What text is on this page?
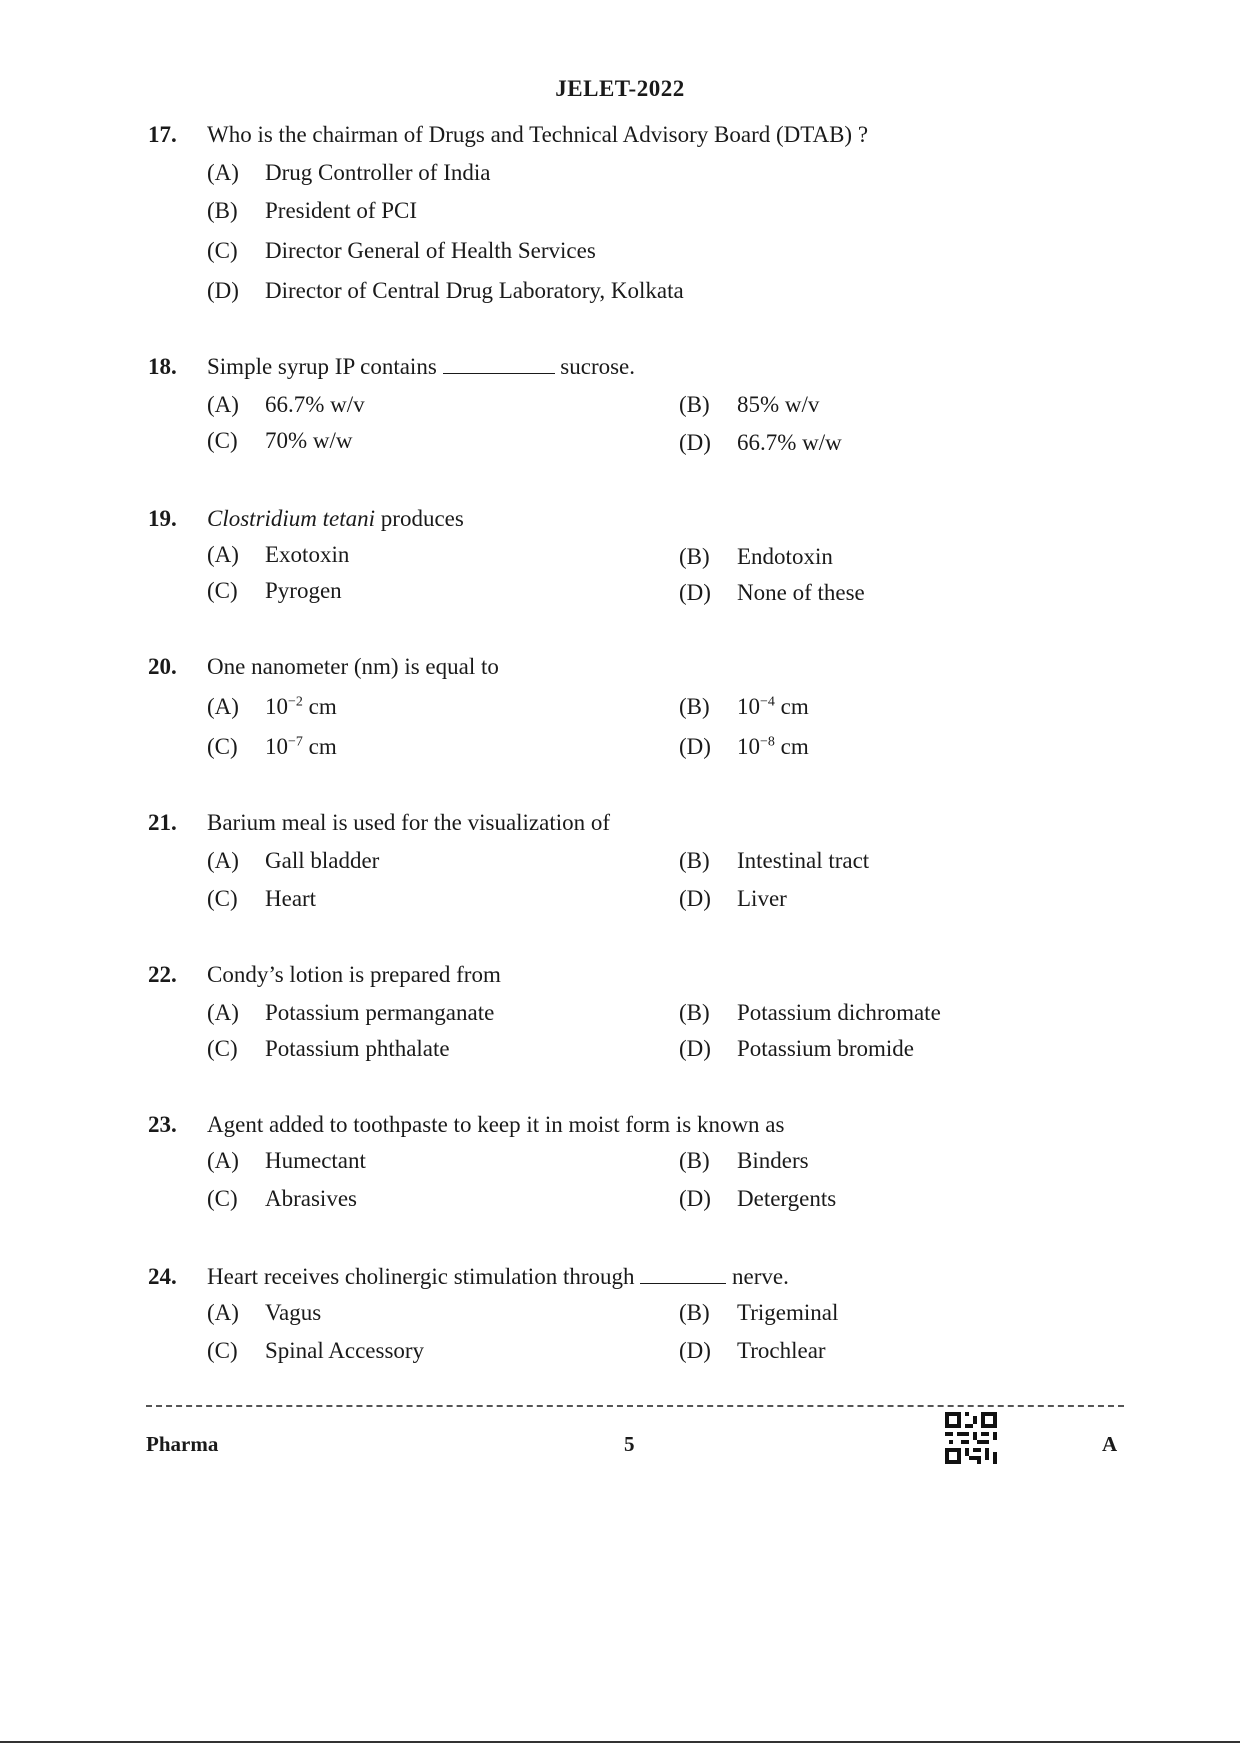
JELET-2022
17. Who is the chairman of Drugs and Technical Advisory Board (DTAB) ?
(A) Drug Controller of India
(B) President of PCI
(C) Director General of Health Services
(D) Director of Central Drug Laboratory, Kolkata
18. Simple syrup IP contains	sucrose.
(A) 66.7% w/v	(B) 85% w/v
(C) 70% w/w	(D) 66.7% w/w
19. Clostridium tetani produces
(A) Exotoxin	(B) Endotoxin
(C) Pyrogen	(D) None of these
20. One nanometer (nm) is equal to
(A) $10^{-2}$ cm	(B) $10^{-4}$ cm
(C) $10^{-7}$ cm	(D) $10^{-8}$ cm
21. Barium meal is used for the visualization of
(A) Gall bladder	(B) Intestinal tract
(C) Heart	(D) Liver
22. Condy’s lotion is prepared from
(A) Potassium permanganate	(B) Potassium dichromate
(C) Potassium phthalate	(D) Potassium bromide
23. Agent added to toothpaste to keep it in moist form is known as
(A) Humectant	(B) Binders
(C) Abrasives	(D) Detergents
24. Heart receives cholinergic stimulation through	nerve.
(A) Vagus	(B) Trigeminal
(C) Spinal Accessory	(D) Trochlear
Pharma	5	A
